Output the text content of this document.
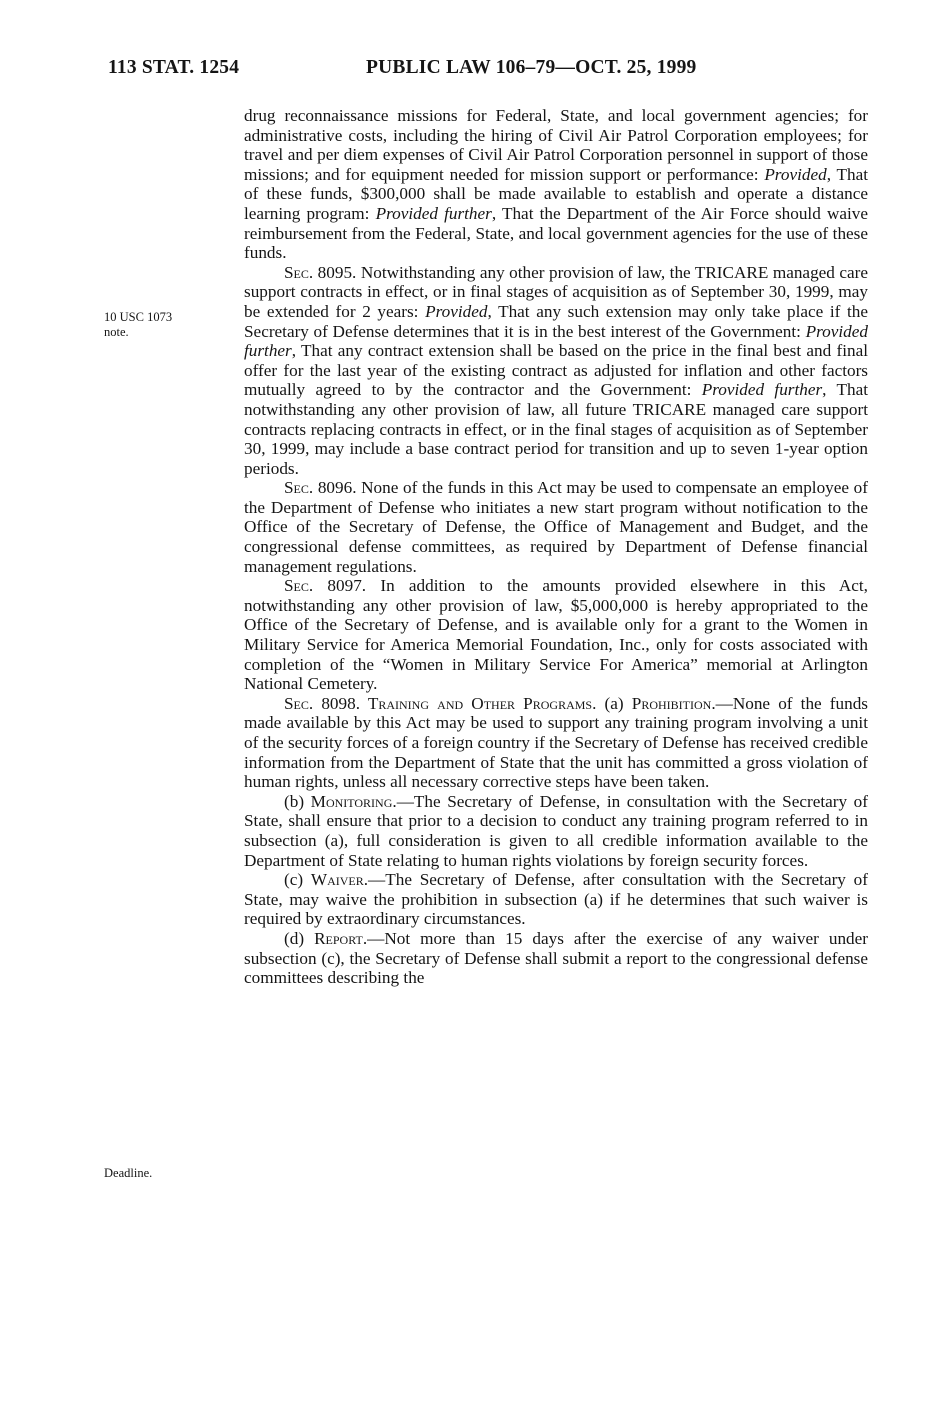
113 STAT. 1254	PUBLIC LAW 106–79—OCT. 25, 1999
10 USC 1073
note.
Deadline.

drug reconnaissance missions for Federal, State, and local government agencies; for administrative costs, including the hiring of Civil Air Patrol Corporation employees; for travel and per diem expenses of Civil Air Patrol Corporation personnel in support of those missions; and for equipment needed for mission support or performance: Provided, That of these funds, $300,000 shall be made available to establish and operate a distance learning program: Provided further, That the Department of the Air Force should waive reimbursement from the Federal, State, and local government agencies for the use of these funds.

Sec. 8095. Notwithstanding any other provision of law, the TRICARE managed care support contracts in effect, or in final stages of acquisition as of September 30, 1999, may be extended for 2 years: Provided, That any such extension may only take place if the Secretary of Defense determines that it is in the best interest of the Government: Provided further, That any contract extension shall be based on the price in the final best and final offer for the last year of the existing contract as adjusted for inflation and other factors mutually agreed to by the contractor and the Government: Provided further, That notwithstanding any other provision of law, all future TRICARE managed care support contracts replacing contracts in effect, or in the final stages of acquisition as of September 30, 1999, may include a base contract period for transition and up to seven 1-year option periods.

Sec. 8096. None of the funds in this Act may be used to compensate an employee of the Department of Defense who initiates a new start program without notification to the Office of the Secretary of Defense, the Office of Management and Budget, and the congressional defense committees, as required by Department of Defense financial management regulations.

Sec. 8097. In addition to the amounts provided elsewhere in this Act, notwithstanding any other provision of law, $5,000,000 is hereby appropriated to the Office of the Secretary of Defense, and is available only for a grant to the Women in Military Service for America Memorial Foundation, Inc., only for costs associated with completion of the “Women in Military Service For America” memorial at Arlington National Cemetery.

Sec. 8098. Training and Other Programs. (a) Prohibition.—None of the funds made available by this Act may be used to support any training program involving a unit of the security forces of a foreign country if the Secretary of Defense has received credible information from the Department of State that the unit has committed a gross violation of human rights, unless all necessary corrective steps have been taken.

(b) Monitoring.—The Secretary of Defense, in consultation with the Secretary of State, shall ensure that prior to a decision to conduct any training program referred to in subsection (a), full consideration is given to all credible information available to the Department of State relating to human rights violations by foreign security forces.

(c) Waiver.—The Secretary of Defense, after consultation with the Secretary of State, may waive the prohibition in subsection (a) if he determines that such waiver is required by extraordinary circumstances.

(d) Report.—Not more than 15 days after the exercise of any waiver under subsection (c), the Secretary of Defense shall submit a report to the congressional defense committees describing the
